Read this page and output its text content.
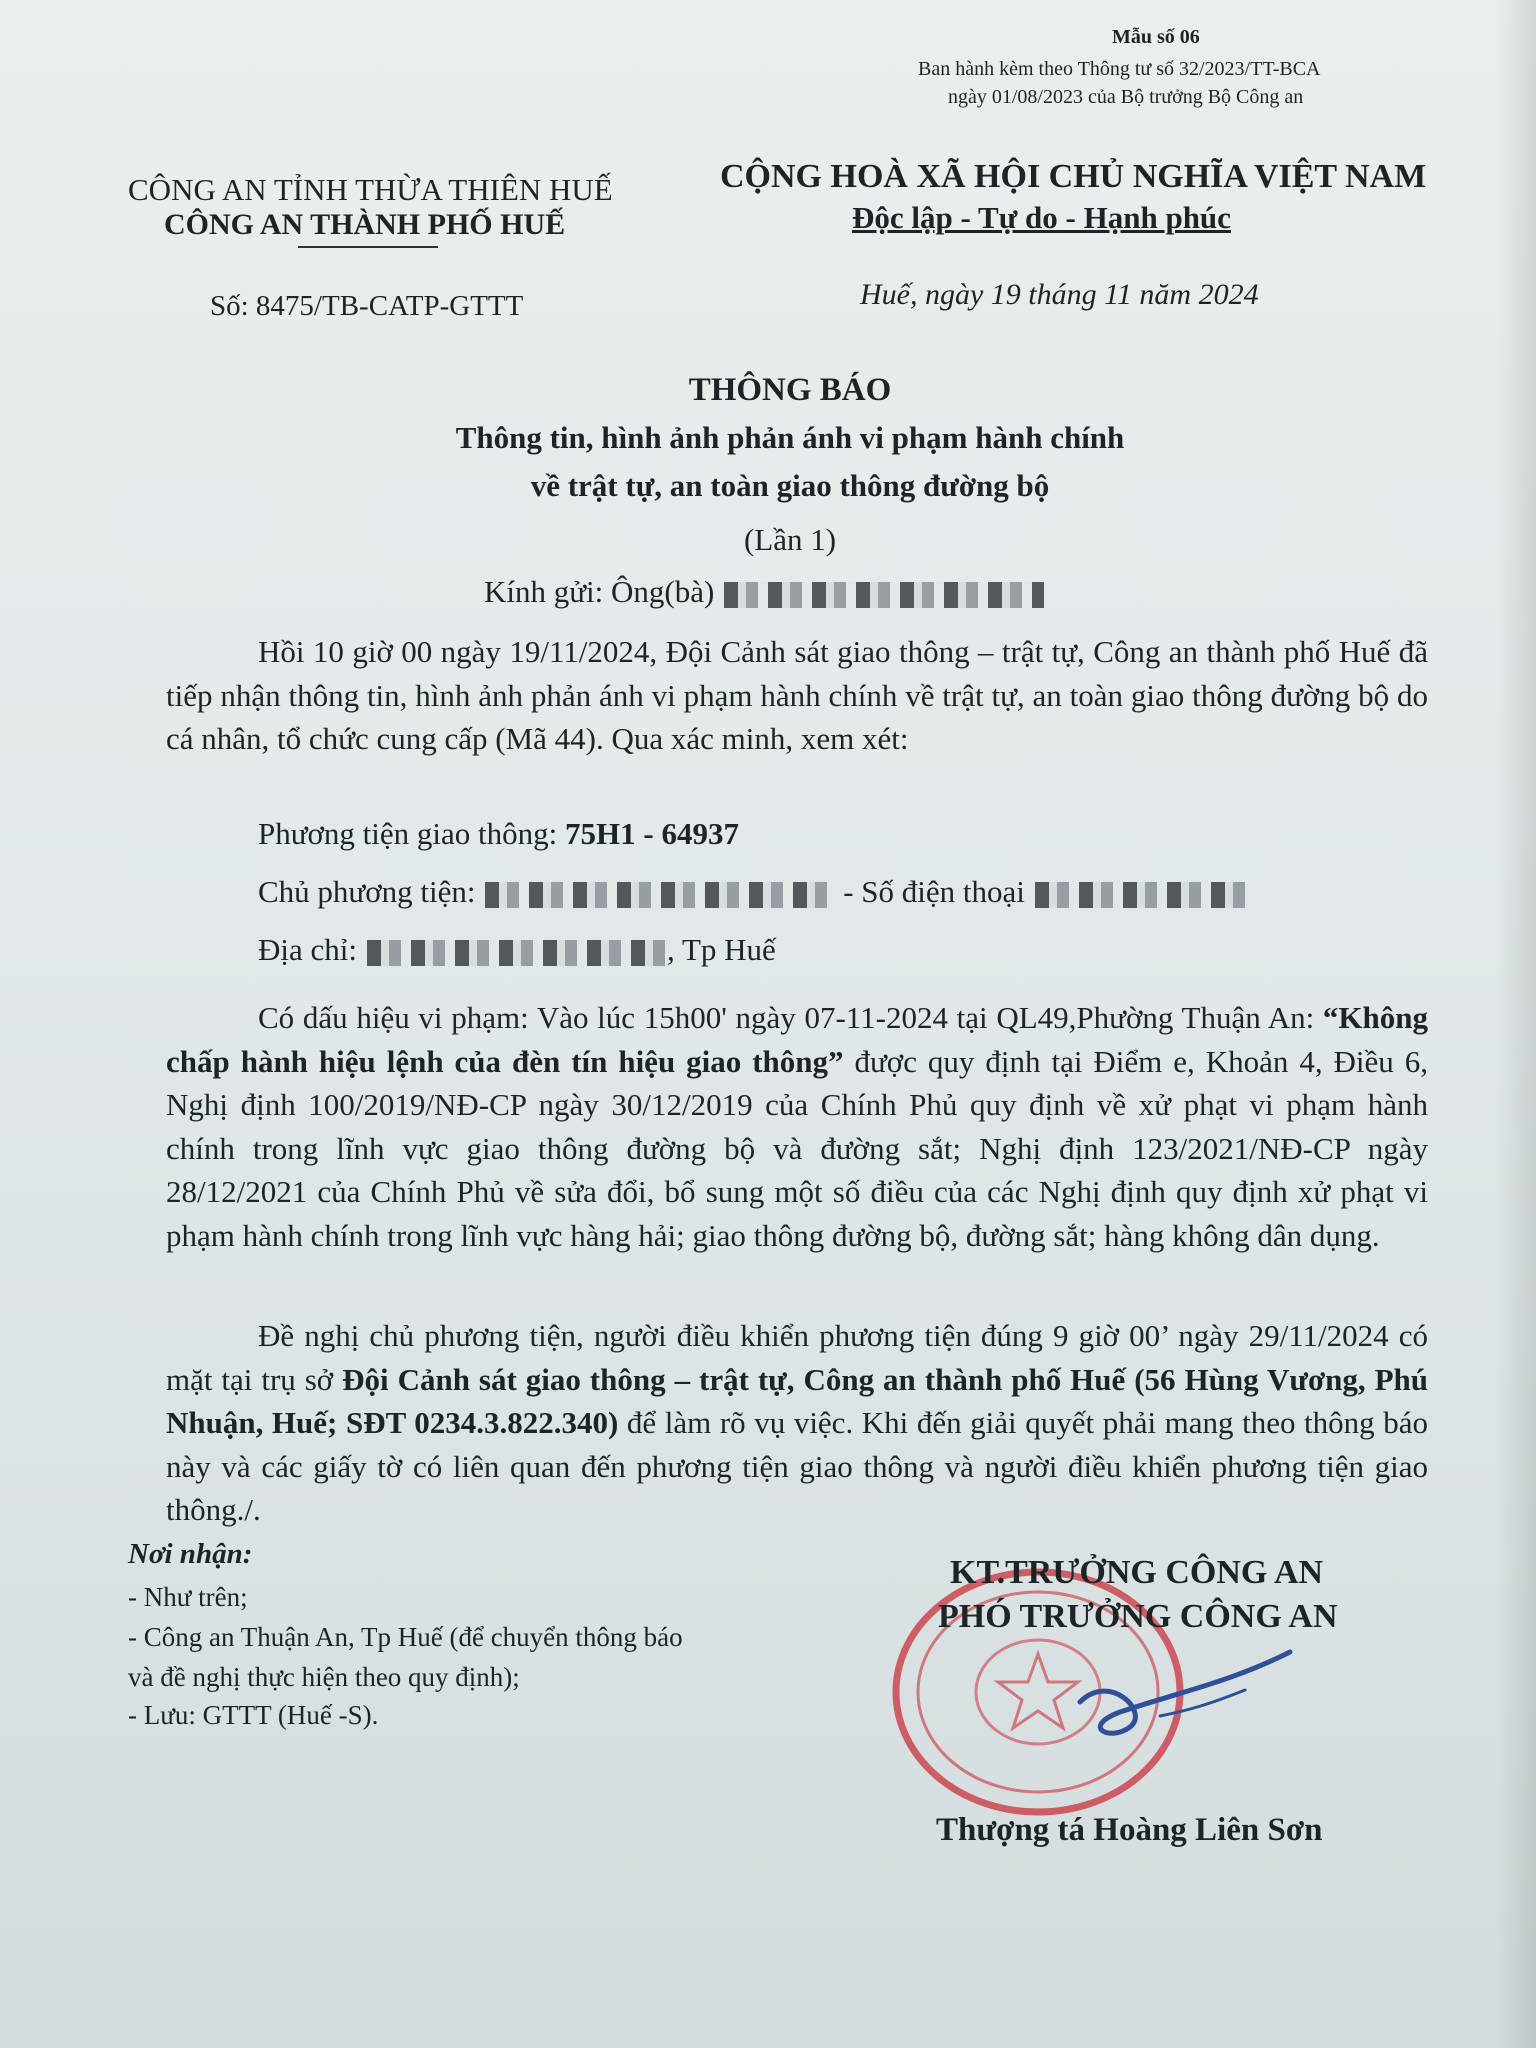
Mẫu số 06
Ban hành kèm theo Thông tư số 32/2023/TT-BCA
ngày 01/08/2023 của Bộ trưởng Bộ Công an
CÔNG AN TỈNH THỪA THIÊN HUẾ
CÔNG AN THÀNH PHỐ HUẾ
CỘNG HOÀ XÃ HỘI CHỦ NGHĨA VIỆT NAM
Độc lập - Tự do - Hạnh phúc
Số: 8475/TB-CATP-GTTT	Huế, ngày 19 tháng 11 năm 2024
THÔNG BÁO
Thông tin, hình ảnh phản ánh vi phạm hành chính
về trật tự, an toàn giao thông đường bộ
(Lần 1)
Kính gửi: Ông(bà)
Hồi 10 giờ 00 ngày 19/11/2024, Đội Cảnh sát giao thông – trật tự, Công an thành phố Huế đã tiếp nhận thông tin, hình ảnh phản ánh vi phạm hành chính về trật tự, an toàn giao thông đường bộ do cá nhân, tổ chức cung cấp (Mã 44). Qua xác minh, xem xét:
Phương tiện giao thông: 75H1 - 64937
Chủ phương tiện:	- Số điện thoại
Địa chỉ:	, Tp Huế
Có dấu hiệu vi phạm: Vào lúc 15h00' ngày 07-11-2024 tại QL49,Phường Thuận An: “Không chấp hành hiệu lệnh của đèn tín hiệu giao thông” được quy định tại Điểm e, Khoản 4, Điều 6, Nghị định 100/2019/NĐ-CP ngày 30/12/2019 của Chính Phủ quy định về xử phạt vi phạm hành chính trong lĩnh vực giao thông đường bộ và đường sắt; Nghị định 123/2021/NĐ-CP ngày 28/12/2021 của Chính Phủ về sửa đổi, bổ sung một số điều của các Nghị định quy định xử phạt vi phạm hành chính trong lĩnh vực hàng hải; giao thông đường bộ, đường sắt; hàng không dân dụng.
Đề nghị chủ phương tiện, người điều khiển phương tiện đúng 9 giờ 00’ ngày 29/11/2024 có mặt tại trụ sở Đội Cảnh sát giao thông – trật tự, Công an thành phố Huế (56 Hùng Vương, Phú Nhuận, Huế; SĐT 0234.3.822.340) để làm rõ vụ việc. Khi đến giải quyết phải mang theo thông báo này và các giấy tờ có liên quan đến phương tiện giao thông và người điều khiển phương tiện giao thông./.
Nơi nhận:
- Như trên;
- Công an Thuận An, Tp Huế (để chuyển thông báo
và đề nghị thực hiện theo quy định);
- Lưu: GTTT (Huế -S).
KT.TRƯỞNG CÔNG AN
PHÓ TRƯỞNG CÔNG AN
Thượng tá Hoàng Liên Sơn
